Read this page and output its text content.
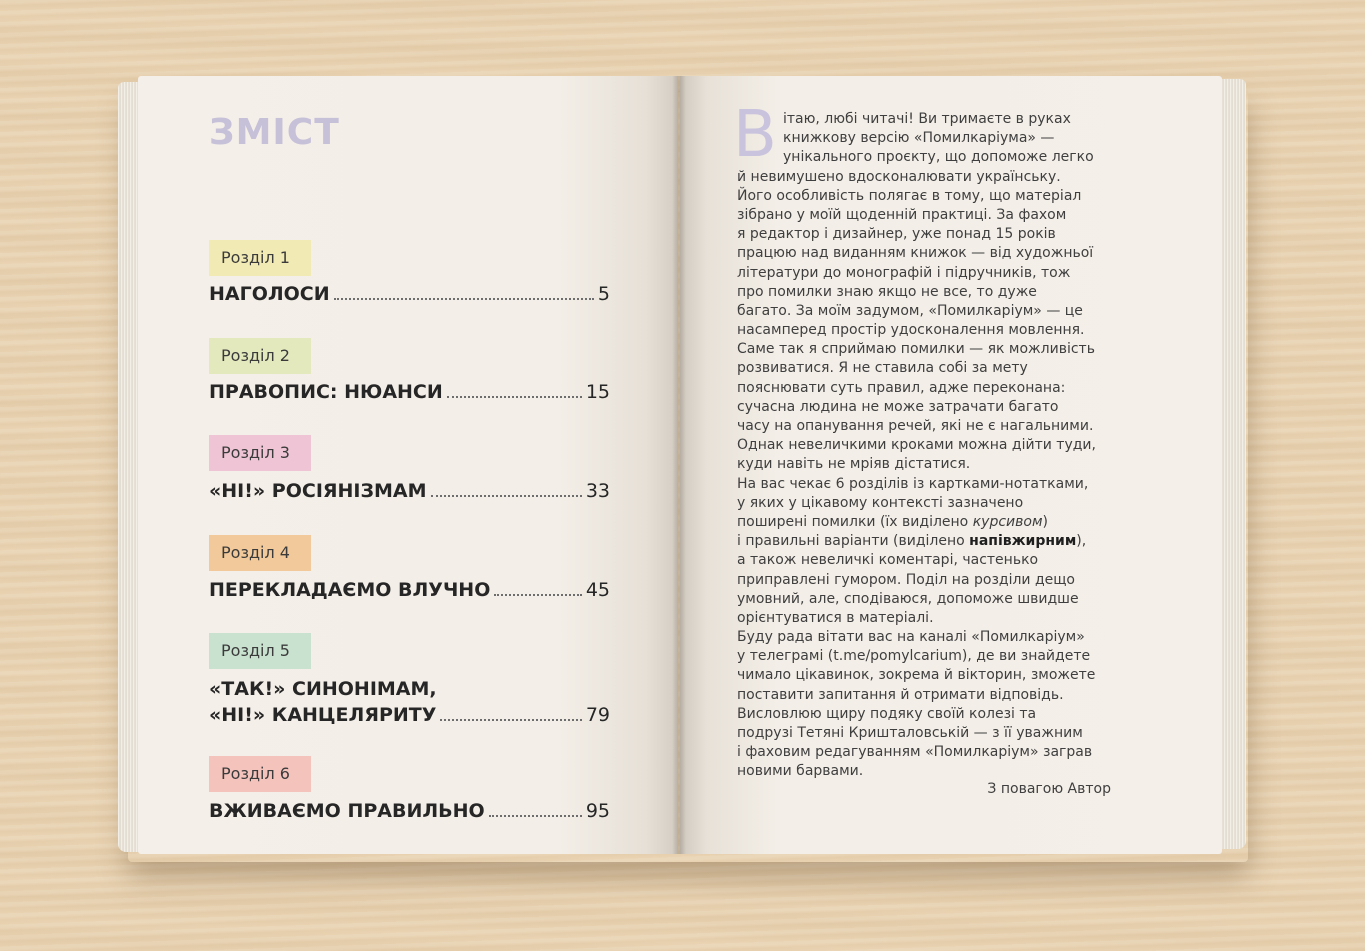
ЗМІСТ
Розділ 1
НАГОЛОСИ	5
Розділ 2
ПРАВОПИС: НЮАНСИ	15
Розділ 3
«НІ!» РОСІЯНІЗМАМ	33
Розділ 4
ПЕРЕКЛАДАЄМО ВЛУЧНО	45
Розділ 5
«ТАК!» СИНОНІМАМ,
«НІ!» КАНЦЕЛЯРИТУ	79
Розділ 6
ВЖИВАЄМО ПРАВИЛЬНО	95
В ітаю, любі читачі! Ви тримаєте в руках
книжкову версію «Помилкаріума» —
унікального проєкту, що допоможе легко
й невимушено вдосконалювати українську.
Його особливість полягає в тому, що матеріал
зібрано у моїй щоденній практиці. За фахом
я редактор і дизайнер, уже понад 15 років
працюю над виданням книжок — від художньої
літератури до монографій і підручників, тож
про помилки знаю якщо не все, то дуже
багато. За моїм задумом, «Помилкаріум» — це
насамперед простір удосконалення мовлення.
Саме так я сприймаю помилки — як можливість
розвиватися. Я не ставила собі за мету
пояснювати суть правил, адже переконана:
сучасна людина не може затрачати багато
часу на опанування речей, які не є нагальними.
Однак невеличкими кроками можна дійти туди,
куди навіть не мріяв дістатися.
На вас чекає 6 розділів із картками-нотатками,
у яких у цікавому контексті зазначено
поширені помилки (їх виділено курсивом)
і правильні варіанти (виділено напівжирним),
а також невеличкі коментарі, частенько
приправлені гумором. Поділ на розділи дещо
умовний, але, сподіваюся, допоможе швидше
орієнтуватися в матеріалі.
Буду рада вітати вас на каналі «Помилкаріум»
у телеграмі (t.me/pomylcarium), де ви знайдете
чимало цікавинок, зокрема й вікторин, зможете
поставити запитання й отримати відповідь.
Висловлюю щиру подяку своїй колезі та
подрузі Тетяні Кришталовській — з її уважним
і фаховим редагуванням «Помилкаріум» заграв
новими барвами.
З повагою Автор
